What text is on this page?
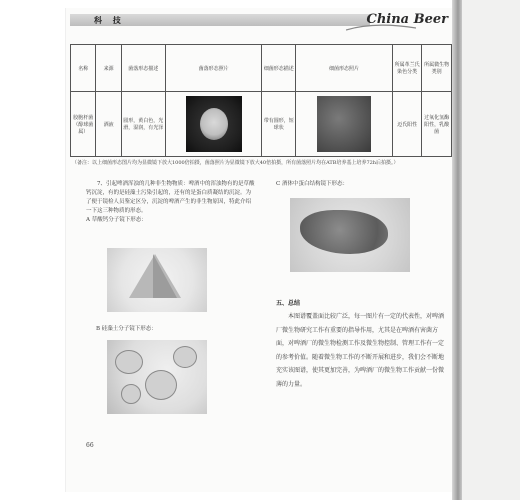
科 技	China Beer
名称	来源	菌落形态描述	菌落形态照片	细菌形态描述	细菌形态照片	所属革兰氏染色分类	所属微生物类别
胶胞杆菌（醇球菌属）	酒液	圆形，黄白色，光滑，湿润，有光泽		带有圆形，短球状		迈氏阳性	过氧化氢酶阳性，乳酸菌
（备注：以上细菌形态图片均为显微镜下放大1000倍拍摄，菌落照片为显微镜下放大40倍拍摄，所有菌落照片均在ATB培养基上培养72h后拍摄。）

7、引起啤酒浑浊的几种非生物物质：啤酒中的浑浊物有的是草酸钙沉淀，有的是硅藻土污染引起的，还有的是蛋白质凝结的沉淀。为了便于镜检人员鉴定区分，沉淀的啤酒产生的非生物原因，特此介绍一下这三种物质的形态。

A 草酸钙分子镜下形态：

B 硅藻土分子镜下形态：

C 酒体中蛋白结构镜下形态：

五、总结

本图谱覆盖面比较广泛，每一图片有一定的代表性，对啤酒厂微生物研究工作有重要的指导作用，尤其是在啤酒有害菌方面，对啤酒厂的微生物检测工作及微生物控制、管理工作有一定的参考价值。随着微生物工作的不断开展和进步，我们会不断地充实该图谱，使其更加完善，为啤酒厂的微生物工作贡献一份微薄的力量。

66
